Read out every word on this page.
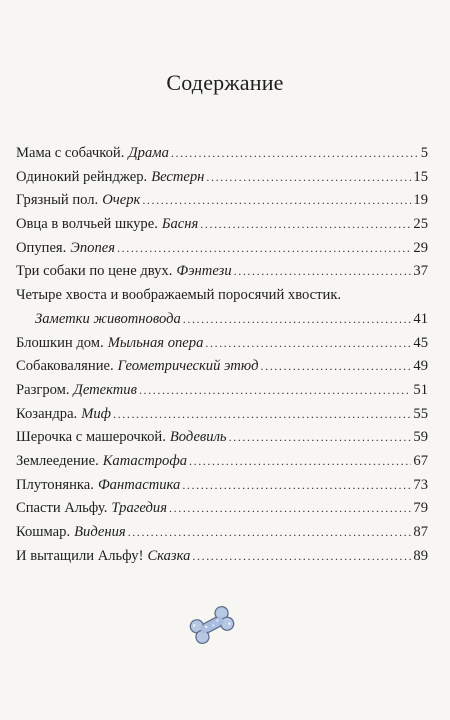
Содержание
Мама с собачкой. Драма .....	5
Одинокий рейнджер. Вестерн .....	15
Грязный пол. Очерк .....	19
Овца в волчьей шкуре. Басня .....	25
Опупея. Эпопея .....	29
Три собаки по цене двух. Фэнтези .....	37
Четыре хвоста и воображаемый поросячий хвостик.
Заметки животновода .....	41
Блошкин дом. Мыльная опера .....	45
Собаковаляние. Геометрический этюд .....	49
Разгром. Детектив .....	51
Козандра. Миф .....	55
Шерочка с машерочкой. Водевиль .....	59
Землеедение. Катастрофа .....	67
Плутонянка. Фантастика .....	73
Спасти Альфу. Трагедия .....	79
Кошмар. Видения .....	87
И вытащили Альфу! Сказка .....	89
